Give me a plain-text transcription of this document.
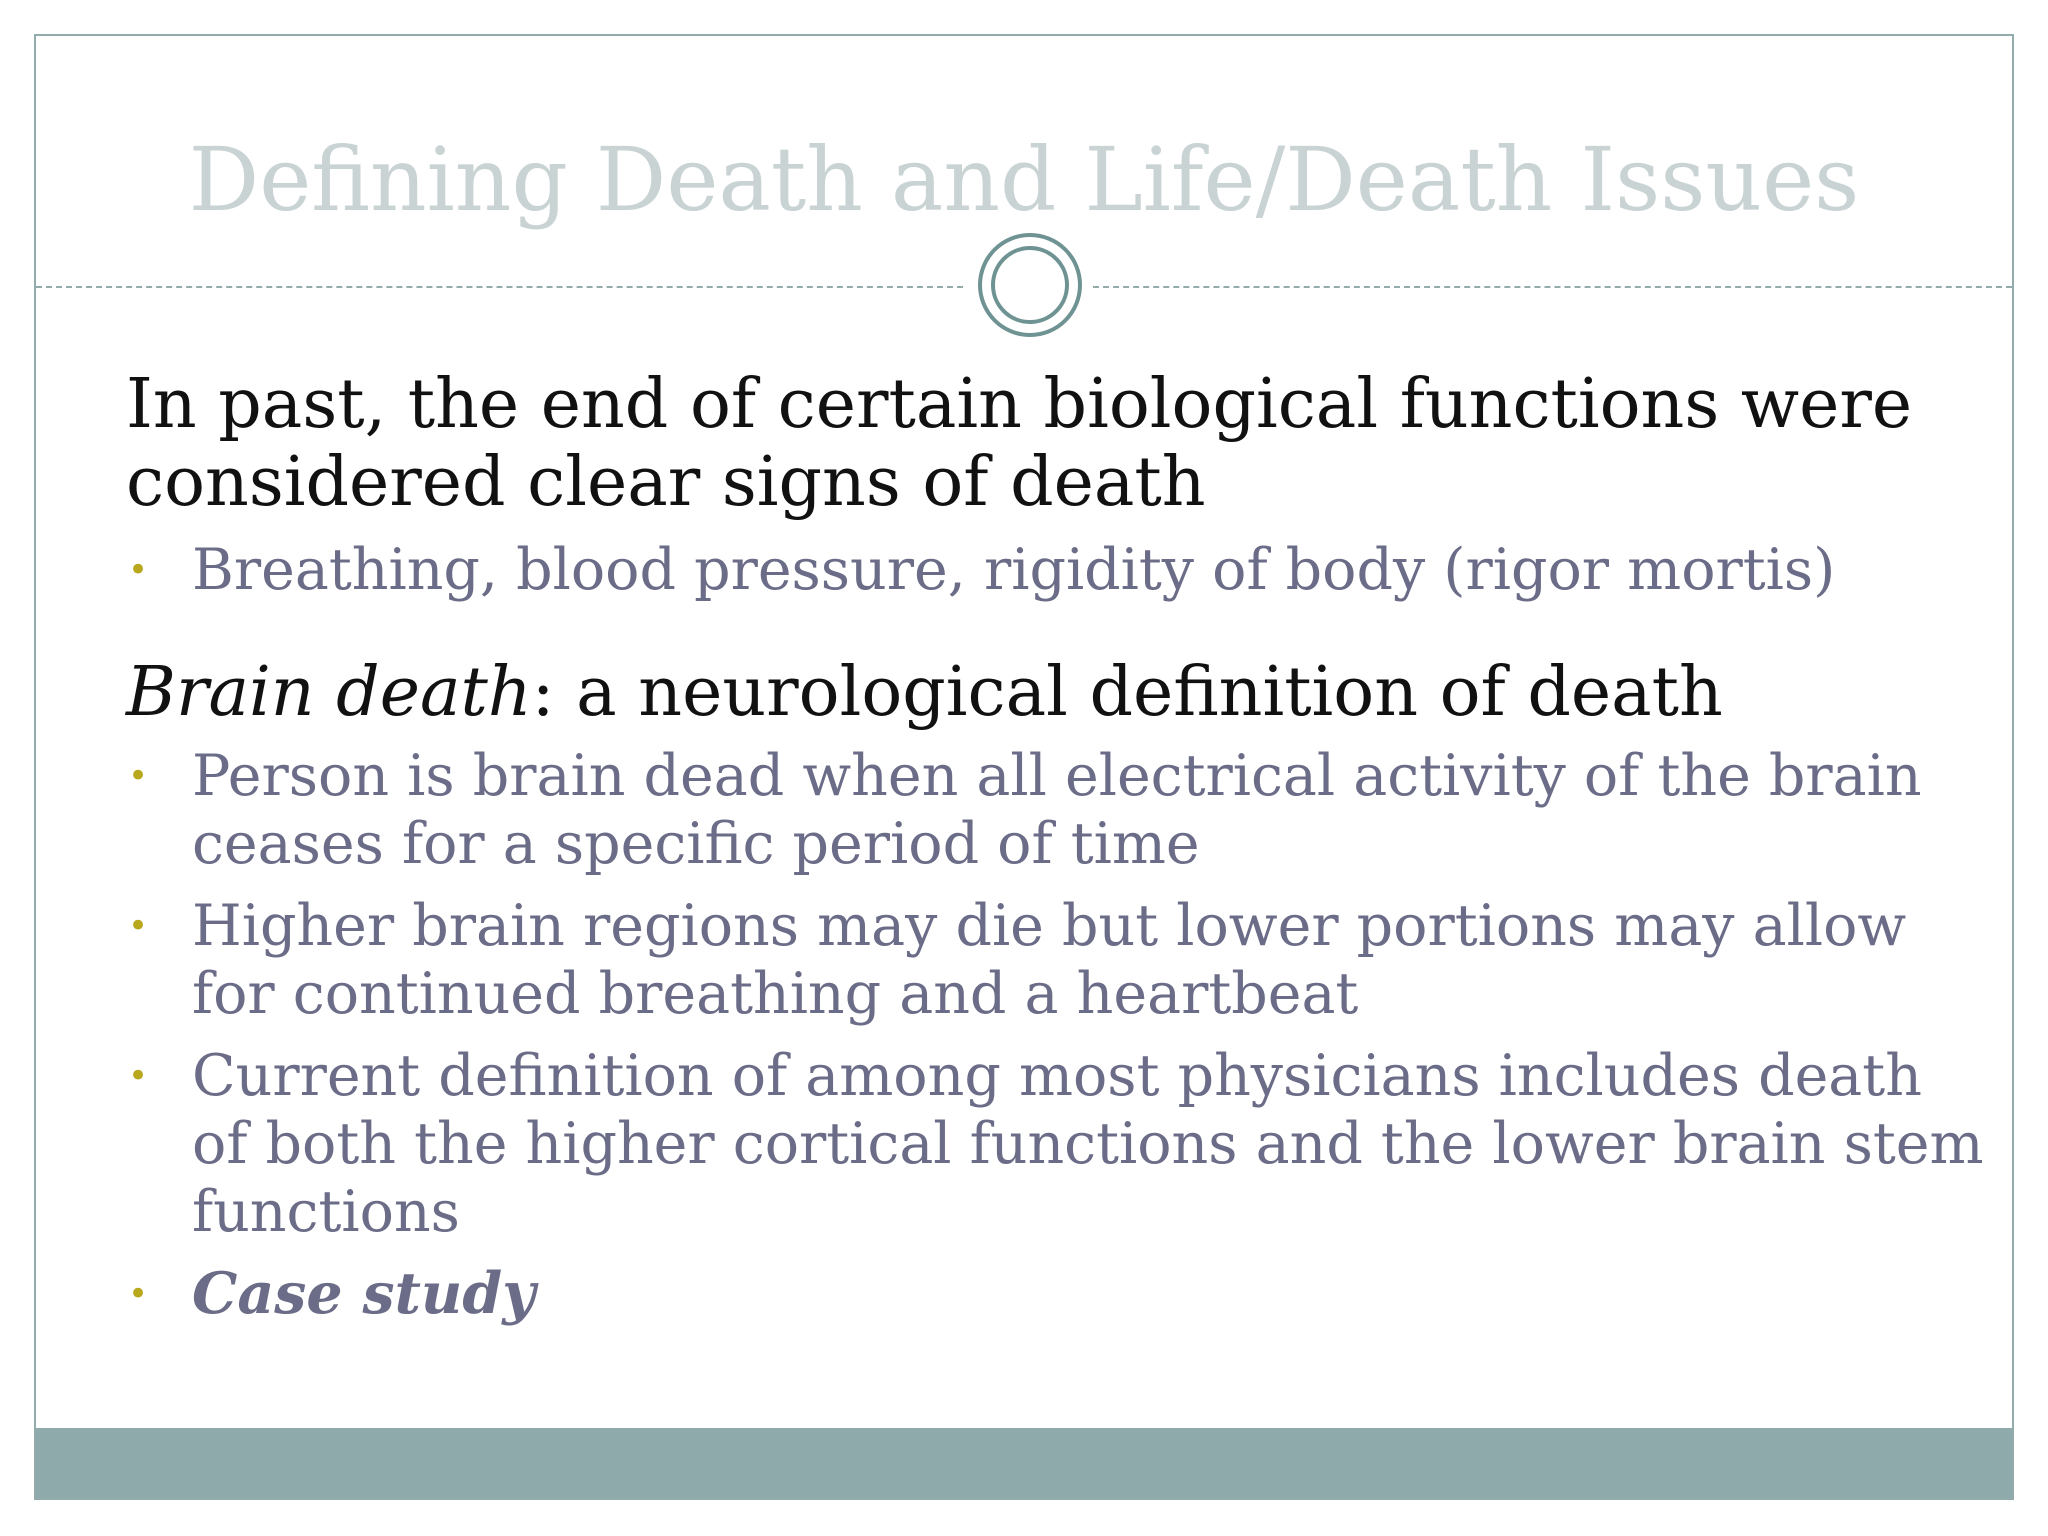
Defining Death and Life/Death Issues

In past, the end of certain biological functions were considered clear signs of death

• Breathing, blood pressure, rigidity of body (rigor mortis)

Brain death: a neurological definition of death

• Person is brain dead when all electrical activity of the brain ceases for a specific period of time
• Higher brain regions may die but lower portions may allow for continued breathing and a heartbeat
• Current definition of among most physicians includes death of both the higher cortical functions and the lower brain stem functions
• Case study
